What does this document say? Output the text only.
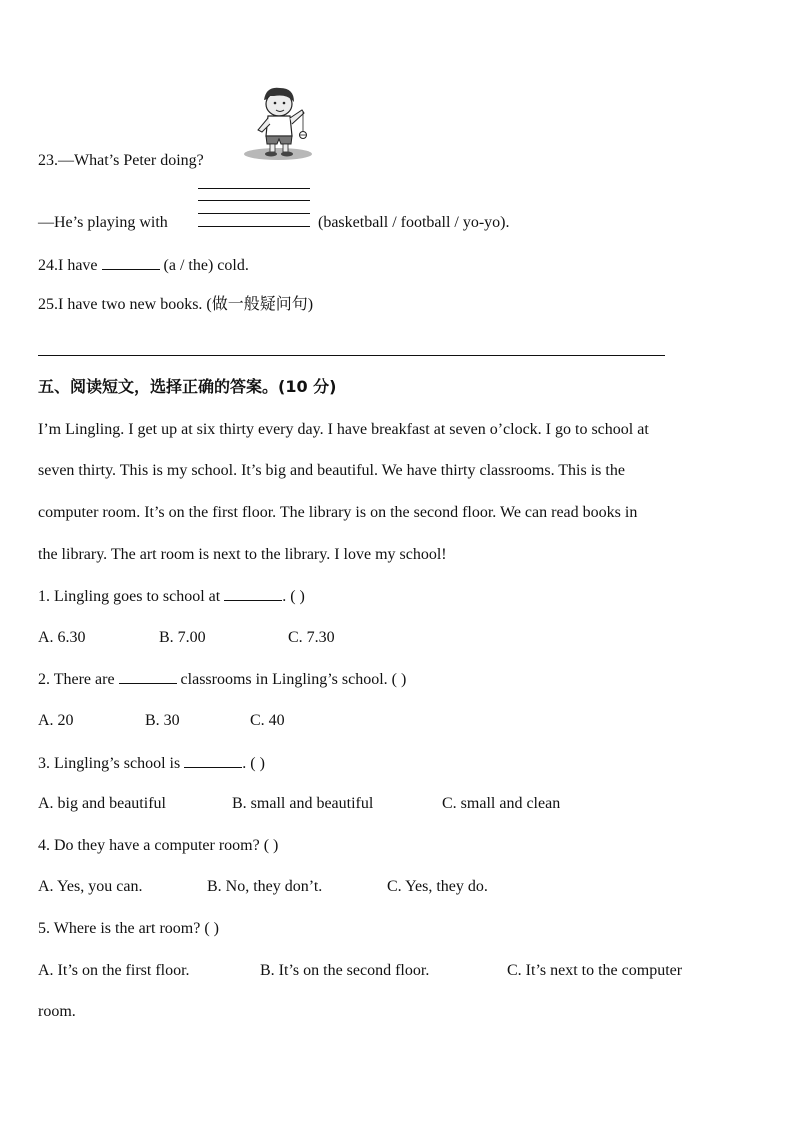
23.—What’s Peter doing?
—He’s playing with	(basketball / football / yo-yo).
24.I have	(a / the) cold.
25.I have two new books. (做一般疑问句)
五、阅读短文，选择正确的答案。(10 分)
I’m Lingling. I get up at six thirty every day. I have breakfast at seven o’clock. I go to school at
seven thirty. This is my school. It’s big and beautiful. We have thirty classrooms. This is the
computer room. It’s on the first floor. The library is on the second floor. We can read books in
the library. The art room is next to the library. I love my school!
1. Lingling goes to school at	. ( )
A. 6.30	B. 7.00	C. 7.30
2. There are	classrooms in Lingling’s school. ( )
A. 20	B. 30	C. 40
3. Lingling’s school is	. ( )
A. big and beautiful	B. small and beautiful	C. small and clean
4. Do they have a computer room? ( )
A. Yes, you can.	B. No, they don’t.	C. Yes, they do.
5. Where is the art room? ( )
A. It’s on the first floor.	B. It’s on the second floor.	C. It’s next to the computer
room.
